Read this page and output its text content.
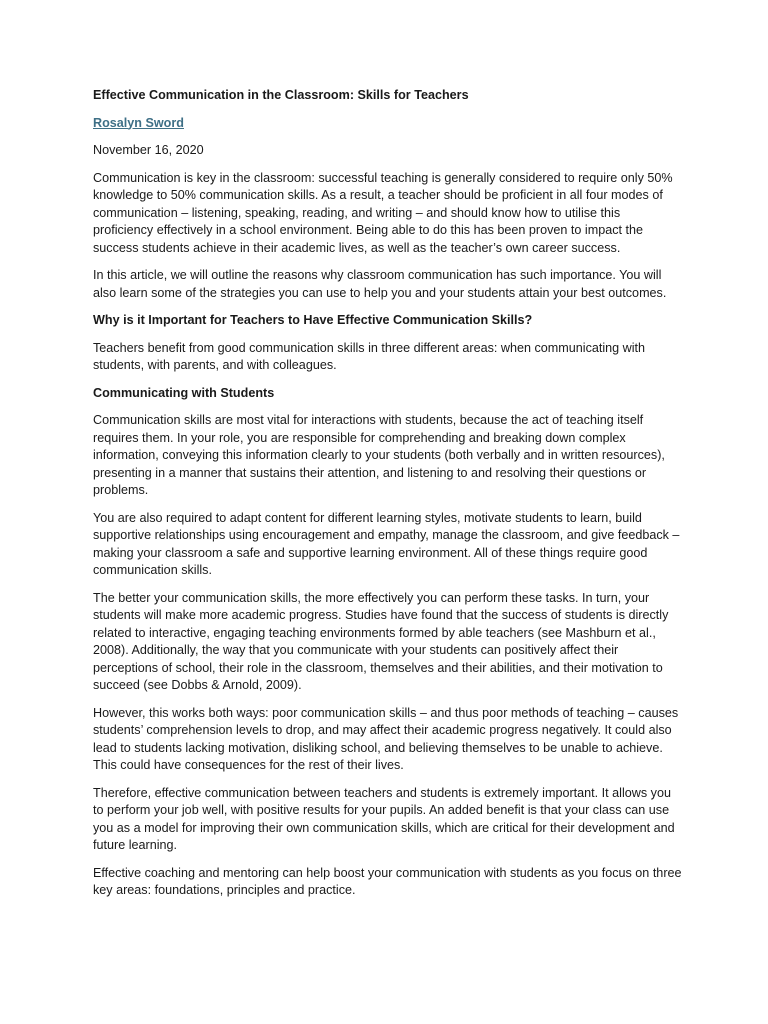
Effective Communication in the Classroom: Skills for Teachers

Rosalyn Sword

November 16, 2020

Communication is key in the classroom: successful teaching is generally considered to require only 50% knowledge to 50% communication skills. As a result, a teacher should be proficient in all four modes of communication – listening, speaking, reading, and writing – and should know how to utilise this proficiency effectively in a school environment. Being able to do this has been proven to impact the success students achieve in their academic lives, as well as the teacher’s own career success.

In this article, we will outline the reasons why classroom communication has such importance. You will also learn some of the strategies you can use to help you and your students attain your best outcomes.

Why is it Important for Teachers to Have Effective Communication Skills?

Teachers benefit from good communication skills in three different areas: when communicating with students, with parents, and with colleagues.

Communicating with Students

Communication skills are most vital for interactions with students, because the act of teaching itself requires them. In your role, you are responsible for comprehending and breaking down complex information, conveying this information clearly to your students (both verbally and in written resources), presenting in a manner that sustains their attention, and listening to and resolving their questions or problems.

You are also required to adapt content for different learning styles, motivate students to learn, build supportive relationships using encouragement and empathy, manage the classroom, and give feedback – making your classroom a safe and supportive learning environment. All of these things require good communication skills.

The better your communication skills, the more effectively you can perform these tasks. In turn, your students will make more academic progress. Studies have found that the success of students is directly related to interactive, engaging teaching environments formed by able teachers (see Mashburn et al., 2008). Additionally, the way that you communicate with your students can positively affect their perceptions of school, their role in the classroom, themselves and their abilities, and their motivation to succeed (see Dobbs & Arnold, 2009).

However, this works both ways: poor communication skills – and thus poor methods of teaching – causes students’ comprehension levels to drop, and may affect their academic progress negatively. It could also lead to students lacking motivation, disliking school, and believing themselves to be unable to achieve. This could have consequences for the rest of their lives.

Therefore, effective communication between teachers and students is extremely important. It allows you to perform your job well, with positive results for your pupils. An added benefit is that your class can use you as a model for improving their own communication skills, which are critical for their development and future learning.

Effective coaching and mentoring can help boost your communication with students as you focus on three key areas: foundations, principles and practice.
